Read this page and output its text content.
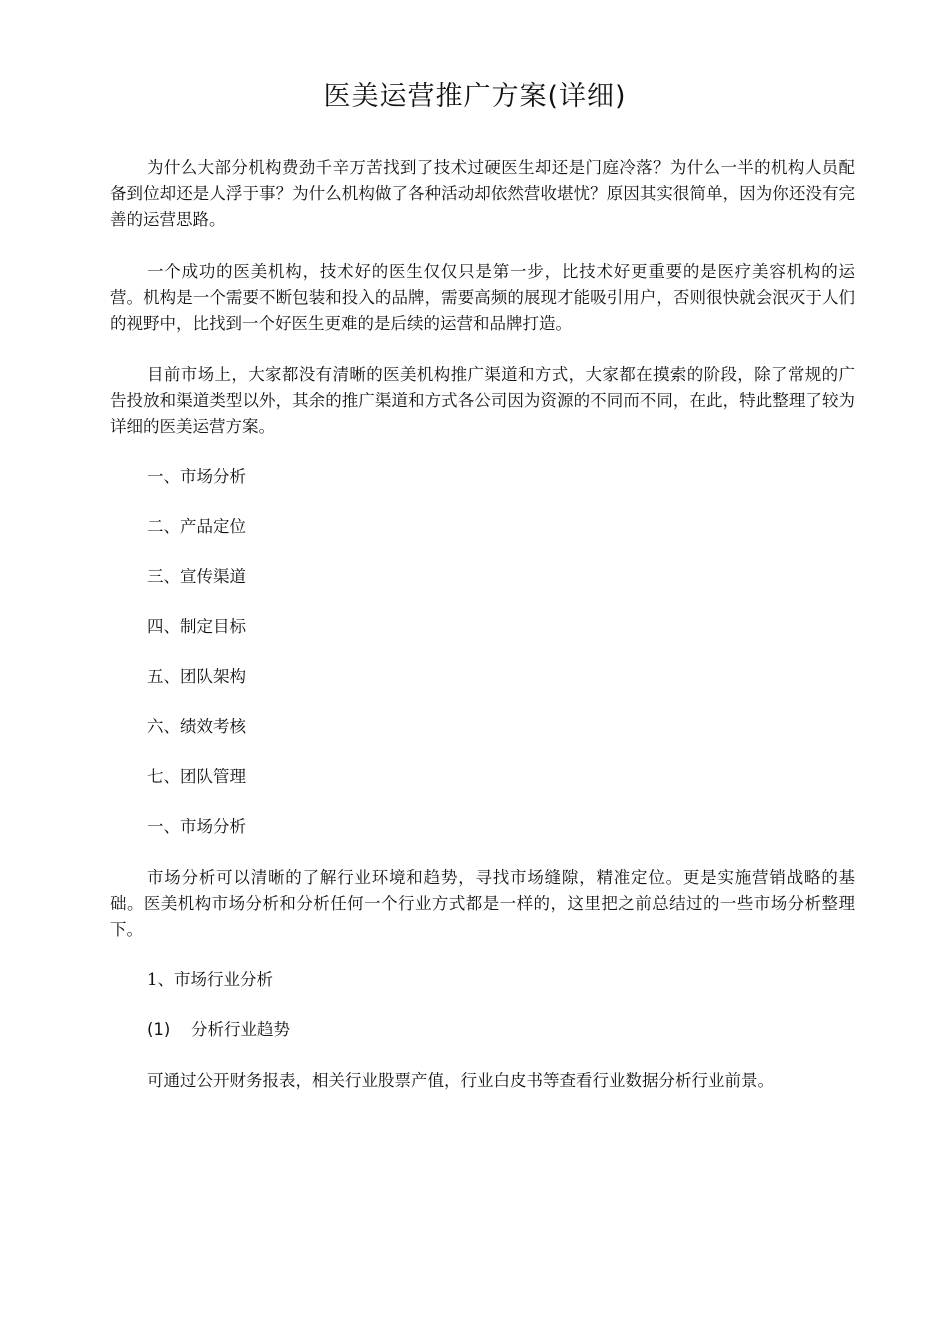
医美运营推广方案(详细)

为什么大部分机构费劲千辛万苦找到了技术过硬医生却还是门庭冷落？为什么一半的机构人员配备到位却还是人浮于事？为什么机构做了各种活动却依然营收堪忧？原因其实很简单，因为你还没有完善的运营思路。

一个成功的医美机构，技术好的医生仅仅只是第一步，比技术好更重要的是医疗美容机构的运营。机构是一个需要不断包装和投入的品牌，需要高频的展现才能吸引用户，否则很快就会泯灭于人们的视野中，比找到一个好医生更难的是后续的运营和品牌打造。

目前市场上，大家都没有清晰的医美机构推广渠道和方式，大家都在摸索的阶段，除了常规的广告投放和渠道类型以外，其余的推广渠道和方式各公司因为资源的不同而不同，在此，特此整理了较为详细的医美运营方案。

一、市场分析

二、产品定位

三、宣传渠道

四、制定目标

五、团队架构

六、绩效考核

七、团队管理

一、市场分析

市场分析可以清晰的了解行业环境和趋势，寻找市场缝隙，精准定位。更是实施营销战略的基础。医美机构市场分析和分析任何一个行业方式都是一样的，这里把之前总结过的一些市场分析整理下。

1、市场行业分析

(1) 分析行业趋势

可通过公开财务报表，相关行业股票产值，行业白皮书等查看行业数据分析行业前景。
